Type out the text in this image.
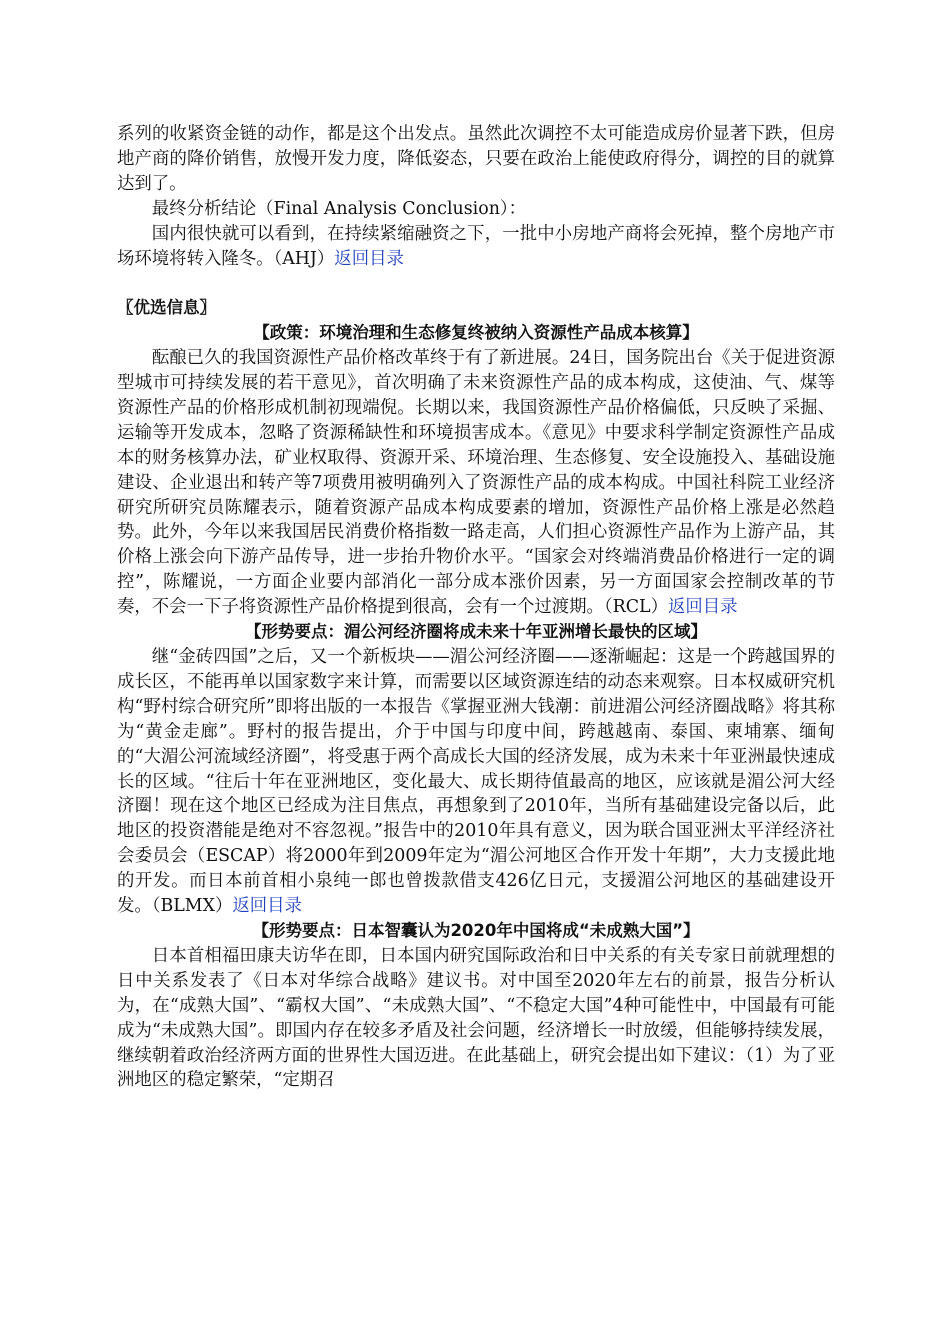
系列的收紧资金链的动作，都是这个出发点。虽然此次调控不太可能造成房价显著下跌，但房地产商的降价销售，放慢开发力度，降低姿态，只要在政治上能使政府得分，调控的目的就算达到了。

最终分析结论（Final Analysis Conclusion）：

国内很快就可以看到，在持续紧缩融资之下，一批中小房地产商将会死掉，整个房地产市场环境将转入隆冬。（AHJ）返回目录

〖优选信息〗

【政策：环境治理和生态修复终被纳入资源性产品成本核算】

酝酿已久的我国资源性产品价格改革终于有了新进展。24日，国务院出台《关于促进资源型城市可持续发展的若干意见》，首次明确了未来资源性产品的成本构成，这使油、气、煤等资源性产品的价格形成机制初现端倪。长期以来，我国资源性产品价格偏低，只反映了采掘、运输等开发成本，忽略了资源稀缺性和环境损害成本。《意见》中要求科学制定资源性产品成本的财务核算办法，矿业权取得、资源开采、环境治理、生态修复、安全设施投入、基础设施建设、企业退出和转产等7项费用被明确列入了资源性产品的成本构成。中国社科院工业经济研究所研究员陈耀表示，随着资源产品成本构成要素的增加，资源性产品价格上涨是必然趋势。此外，今年以来我国居民消费价格指数一路走高，人们担心资源性产品作为上游产品，其价格上涨会向下游产品传导，进一步抬升物价水平。“国家会对终端消费品价格进行一定的调控”，陈耀说，一方面企业要内部消化一部分成本涨价因素，另一方面国家会控制改革的节奏，不会一下子将资源性产品价格提到很高，会有一个过渡期。（RCL）返回目录

【形势要点：湄公河经济圈将成未来十年亚洲增长最快的区域】

继“金砖四国”之后，又一个新板块——湄公河经济圈——逐渐崛起：这是一个跨越国界的成长区，不能再单以国家数字来计算，而需要以区域资源连结的动态来观察。日本权威研究机构“野村综合研究所”即将出版的一本报告《掌握亚洲大钱潮：前进湄公河经济圈战略》将其称为“黄金走廊”。野村的报告提出，介于中国与印度中间，跨越越南、泰国、柬埔寨、缅甸的“大湄公河流域经济圈”，将受惠于两个高成长大国的经济发展，成为未来十年亚洲最快速成长的区域。“往后十年在亚洲地区，变化最大、成长期待值最高的地区，应该就是湄公河大经济圈！现在这个地区已经成为注目焦点，再想象到了2010年，当所有基础建设完备以后，此地区的投资潜能是绝对不容忽视。”报告中的2010年具有意义，因为联合国亚洲太平洋经济社会委员会（ESCAP）将2000年到2009年定为“湄公河地区合作开发十年期”，大力支援此地的开发。而日本前首相小泉纯一郎也曾拨款借支426亿日元，支援湄公河地区的基础建设开发。（BLMX）返回目录

【形势要点：日本智囊认为2020年中国将成“未成熟大国”】

日本首相福田康夫访华在即，日本国内研究国际政治和日中关系的有关专家日前就理想的日中关系发表了《日本对华综合战略》建议书。对中国至2020年左右的前景，报告分析认为，在“成熟大国”、“霸权大国”、“未成熟大国”、“不稳定大国”4种可能性中，中国最有可能成为“未成熟大国”。即国内存在较多矛盾及社会问题，经济增长一时放缓，但能够持续发展，继续朝着政治经济两方面的世界性大国迈进。在此基础上，研究会提出如下建议：（1）为了亚洲地区的稳定繁荣，“定期召
